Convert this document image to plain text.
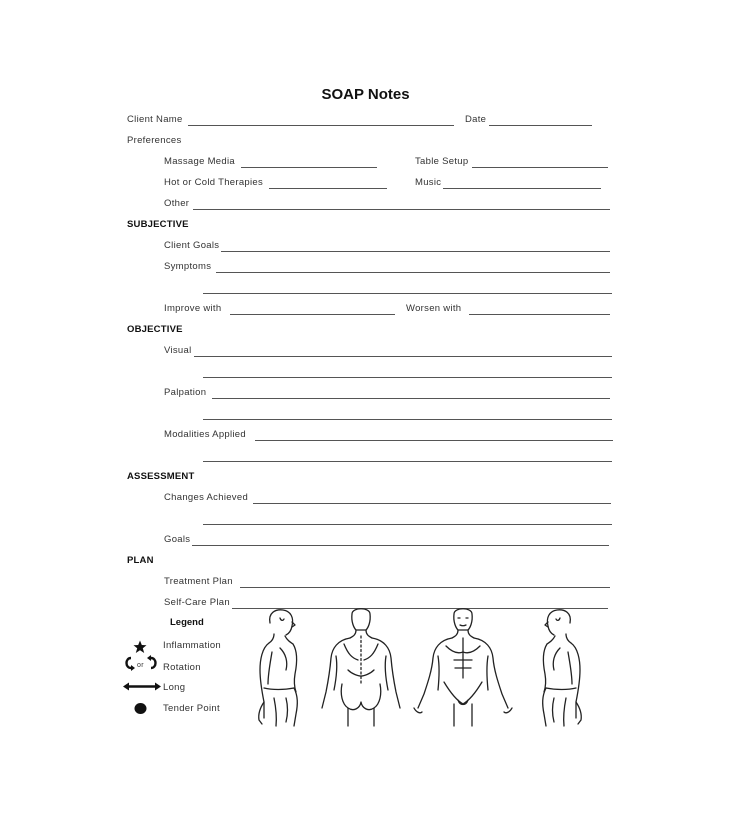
SOAP Notes
Client Name	Date
Preferences
Massage Media	Table Setup
Hot or Cold Therapies	Music
Other
SUBJECTIVE
Client Goals
Symptoms
Improve with	Worsen with
OBJECTIVE
Visual
Palpation
Modalities Applied
ASSESSMENT
Changes Achieved
Goals
PLAN
Treatment Plan
Self-Care Plan
Legend
Inflammation
or Rotation
Long
Tender Point
